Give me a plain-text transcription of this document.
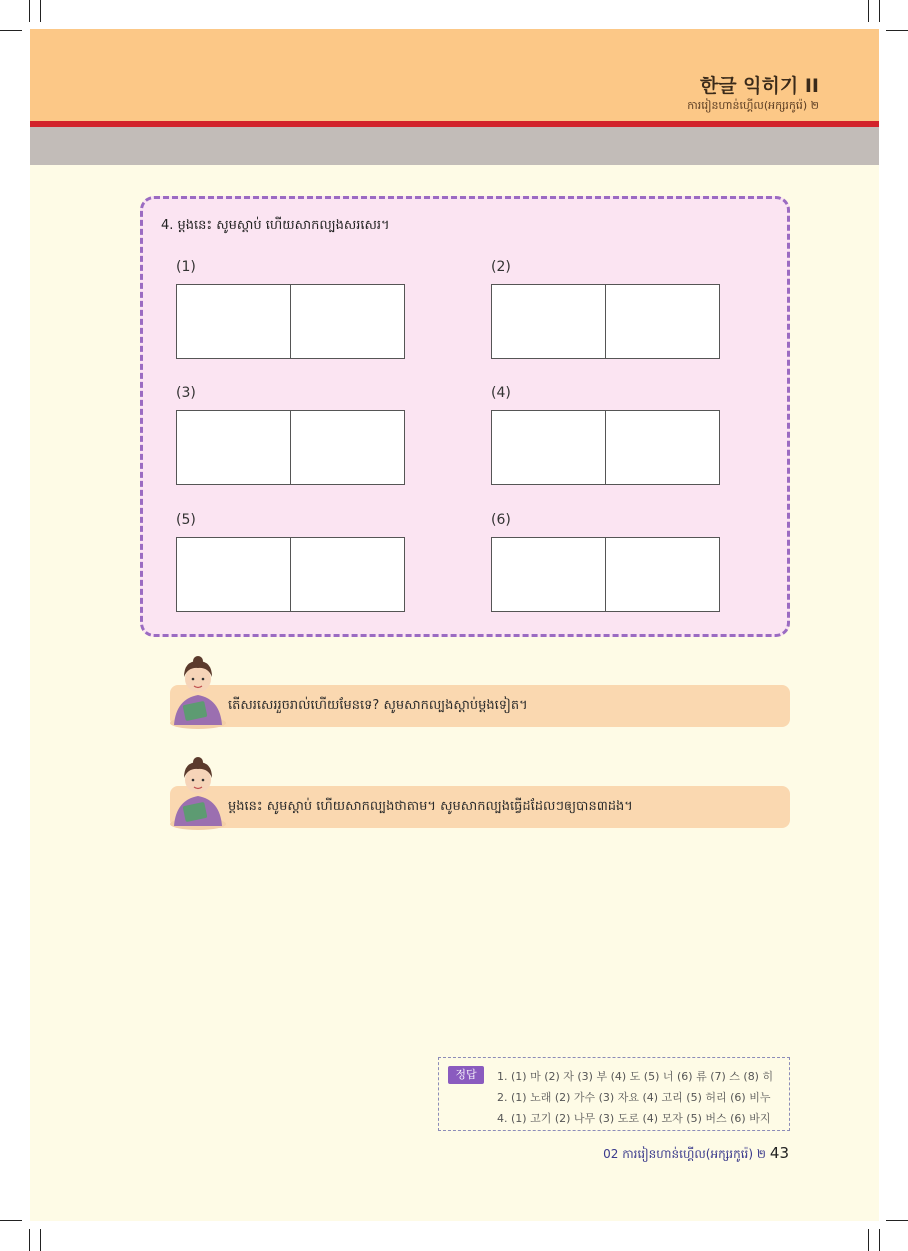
한글 익히기 II
ការរៀនហាន់ហ្គើល(អក្សរកូរ៉េ) ២
4. ម្ដងនេះ សូមស្ដាប់ ហើយសាកល្បងសរសេរ។
(1)	(2)
(3)	(4)
(5)	(6)
តើសរសេររួចរាល់ហើយមែនទេ? សូមសាកល្បងស្ដាប់ម្ដងទៀត។
ម្ដងនេះ សូមស្ដាប់ ហើយសាកល្បងថាតាម។ សូមសាកល្បងធ្វើដដែលៗឲ្យបាន៣ដង។
정답	1. (1) 마 (2) 자 (3) 부 (4) 도 (5) 너 (6) 류 (7) 스 (8) 히
2. (1) 노래 (2) 가수 (3) 자요 (4) 고리 (5) 허리 (6) 비누
4. (1) 고기 (2) 나무 (3) 도로 (4) 모자 (5) 버스 (6) 바지
02 ការរៀនហាន់ហ្គើល(អក្សរកូរ៉េ) ២ 43
